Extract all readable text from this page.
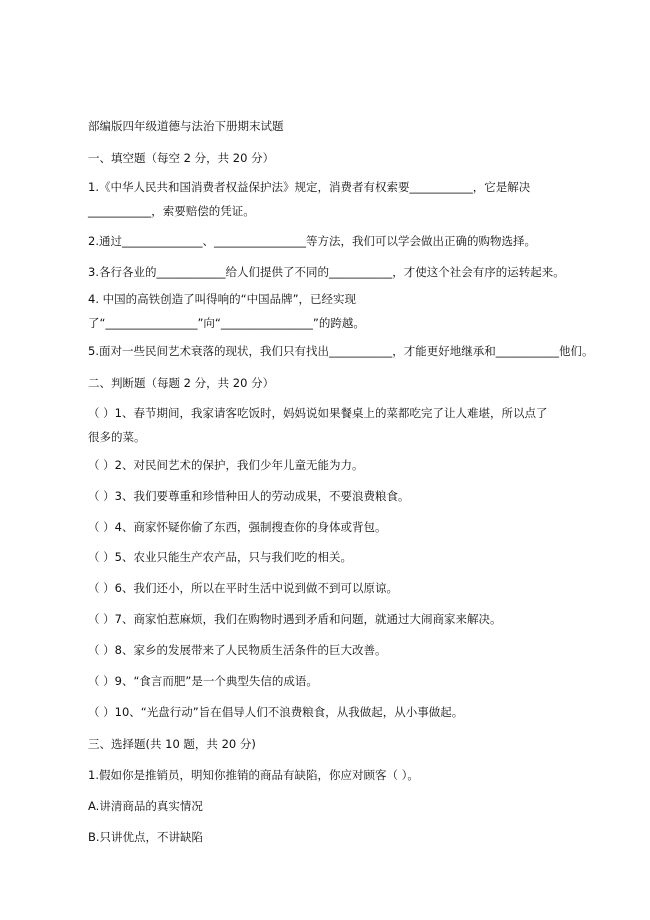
部编版四年级道德与法治下册期末试题
一、填空题（每空 2 分，共 20 分）
1.《中华人民共和国消费者权益保护法》规定，消费者有权索要___________，它是解决___________，索要赔偿的凭证。
2.通过______________、________________等方法，我们可以学会做出正确的购物选择。
3.各行各业的____________给人们提供了不同的___________，才使这个社会有序的运转起来。
4. 中国的高铁创造了叫得响的“中国品牌”，已经实现了“________________”向“________________”的跨越。
5.面对一些民间艺术衰落的现状，我们只有找出___________，才能更好地继承和___________他们。
二、判断题（每题 2 分，共 20 分）
（ ）1、春节期间，我家请客吃饭时，妈妈说如果餐桌上的菜都吃完了让人难堪，所以点了很多的菜。
（ ）2、对民间艺术的保护，我们少年儿童无能为力。
（ ）3、我们要尊重和珍惜种田人的劳动成果，不要浪费粮食。
（ ）4、商家怀疑你偷了东西，强制搜查你的身体或背包。
（ ）5、农业只能生产农产品，只与我们吃的相关。
（ ）6、我们还小，所以在平时生活中说到做不到可以原谅。
（ ）7、商家怕惹麻烦，我们在购物时遇到矛盾和问题，就通过大闹商家来解决。
（ ）8、家乡的发展带来了人民物质生活条件的巨大改善。
（ ）9、“食言而肥”是一个典型失信的成语。
（ ）10、“光盘行动”旨在倡导人们不浪费粮食，从我做起，从小事做起。
三、选择题(共 10 题，共 20 分)
1.假如你是推销员，明知你推销的商品有缺陷，你应对顾客（ ）。
A.讲清商品的真实情况
B.只讲优点，不讲缺陷
